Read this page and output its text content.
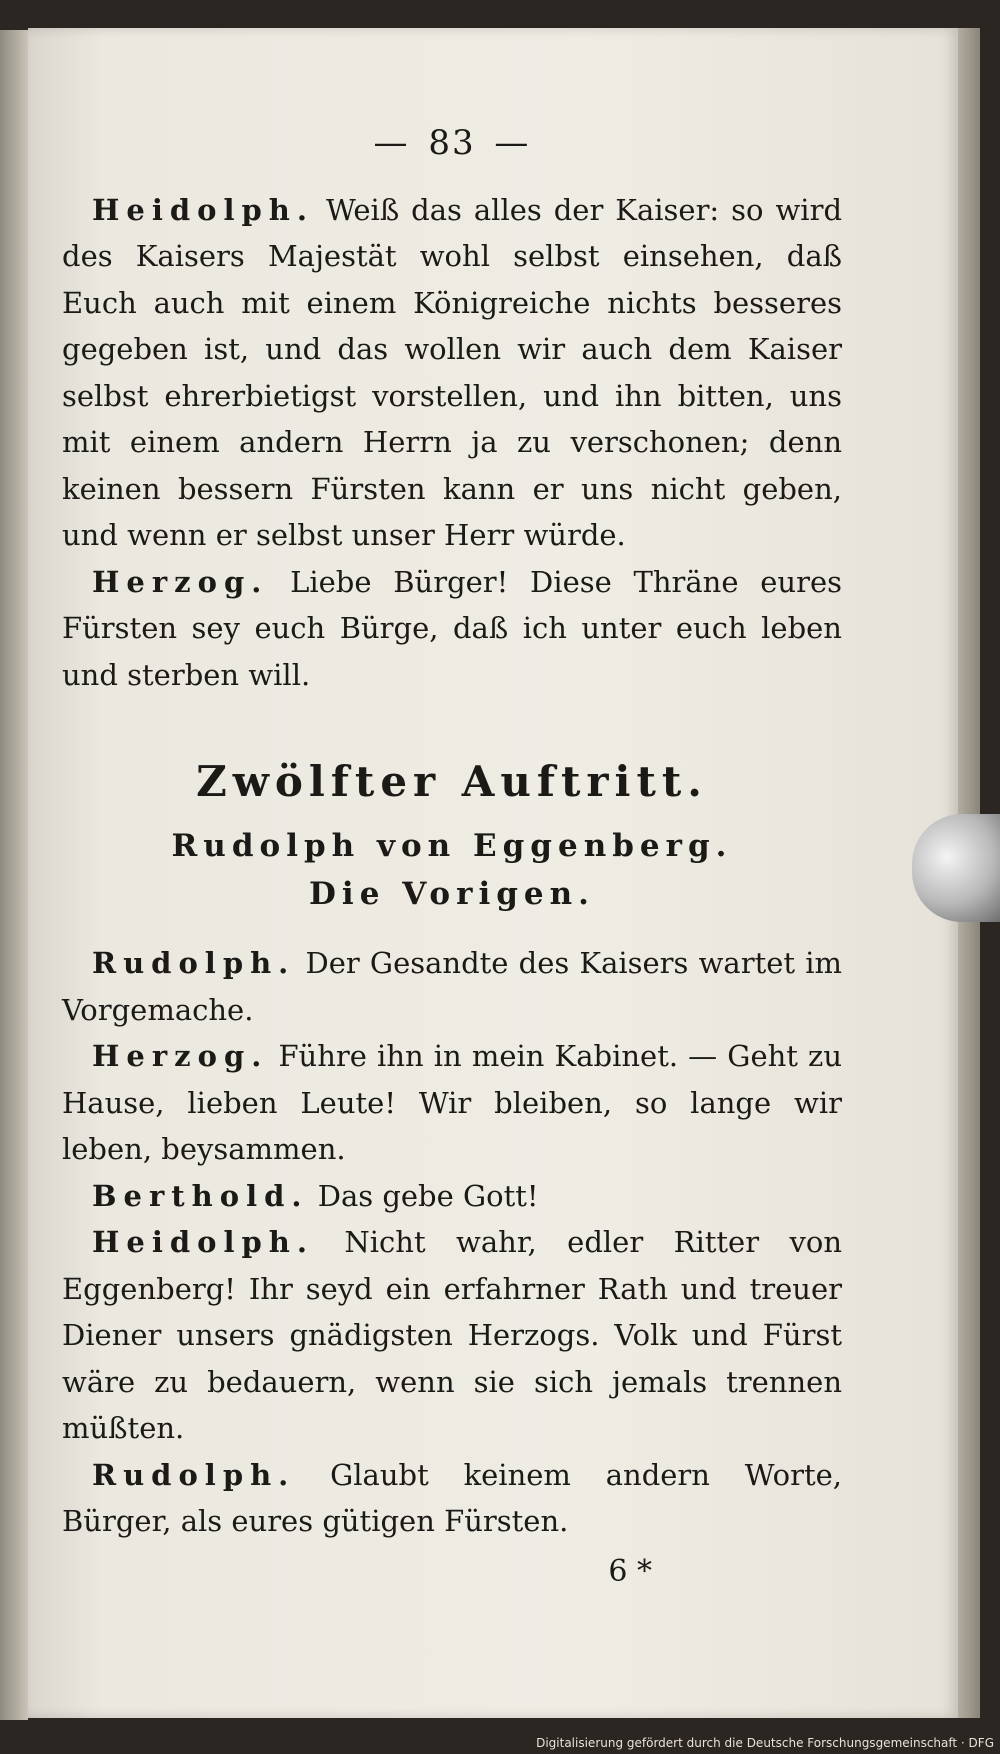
— 83 —

Heidolph. Weiß das alles der Kaiser: so wird des Kaisers Majestät wohl selbst einsehen, daß Euch auch mit einem Königreiche nichts besseres gegeben ist, und das wollen wir auch dem Kaiser selbst ehrerbietigst vorstellen, und ihn bitten, uns mit einem andern Herrn ja zu verschonen; denn keinen bessern Fürsten kann er uns nicht geben, und wenn er selbst unser Herr würde.

Herzog. Liebe Bürger! Diese Thräne eures Fürsten sey euch Bürge, daß ich unter euch leben und sterben will.

Zwölfter Auftritt.
Rudolph von Eggenberg.
Die Vorigen.

Rudolph. Der Gesandte des Kaisers wartet im Vorgemache.

Herzog. Führe ihn in mein Kabinet. — Geht zu Hause, lieben Leute! Wir bleiben, so lange wir leben, beysammen.

Berthold. Das gebe Gott!

Heidolph. Nicht wahr, edler Ritter von Eggenberg! Ihr seyd ein erfahrner Rath und treuer Diener unsers gnädigsten Herzogs. Volk und Fürst wäre zu bedauern, wenn sie sich jemals trennen müßten.

Rudolph. Glaubt keinem andern Worte, Bürger, als eures gütigen Fürsten.

6 *
Digitalisierung gefördert durch die Deutsche Forschungsgemeinschaft · DFG
